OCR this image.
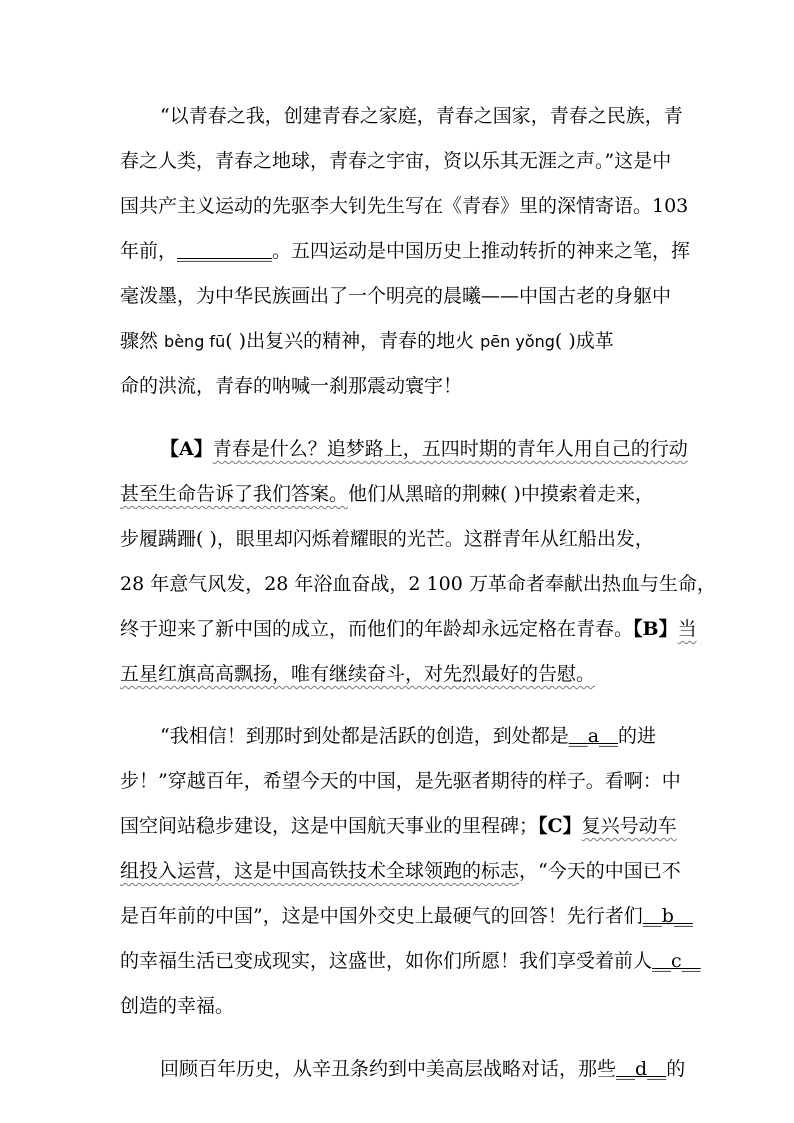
“以青春之我，创建青春之家庭，青春之国家，青春之民族，青
春之人类，青春之地球，青春之宇宙，资以乐其无涯之声。”这是中
国共产主义运动的先驱李大钊先生写在《青春》里的深情寄语。103
年前，__________。五四运动是中国历史上推动转折的神来之笔，挥
毫泼墨，为中华民族画出了一个明亮的晨曦——中国古老的身躯中
骤然 bèng fū( )出复兴的精神，青春的地火 pēn yǒng( )成革
命的洪流，青春的呐喊一刹那震动寰宇！
【A】青春是什么？追梦路上，五四时期的青年人用自己的行动
甚至生命告诉了我们答案。他们从黑暗的荆棘( )中摸索着走来，
步履蹒跚( )，眼里却闪烁着耀眼的光芒。这群青年从红船出发，
28 年意气风发，28 年浴血奋战，2 100 万革命者奉献出热血与生命，
终于迎来了新中国的成立，而他们的年龄却永远定格在青春。【B】当
五星红旗高高飘扬，唯有继续奋斗，对先烈最好的告慰。
“我相信！到那时到处都是活跃的创造，到处都是__a__的进
步！”穿越百年，希望今天的中国，是先驱者期待的样子。看啊：中
国空间站稳步建设，这是中国航天事业的里程碑；【C】复兴号动车
组投入运营，这是中国高铁技术全球领跑的标志，“今天的中国已不
是百年前的中国”，这是中国外交史上最硬气的回答！先行者们__b__
的幸福生活已变成现实，这盛世，如你们所愿！我们享受着前人__c__
创造的幸福。
回顾百年历史，从辛丑条约到中美高层战略对话，那些__d__的
